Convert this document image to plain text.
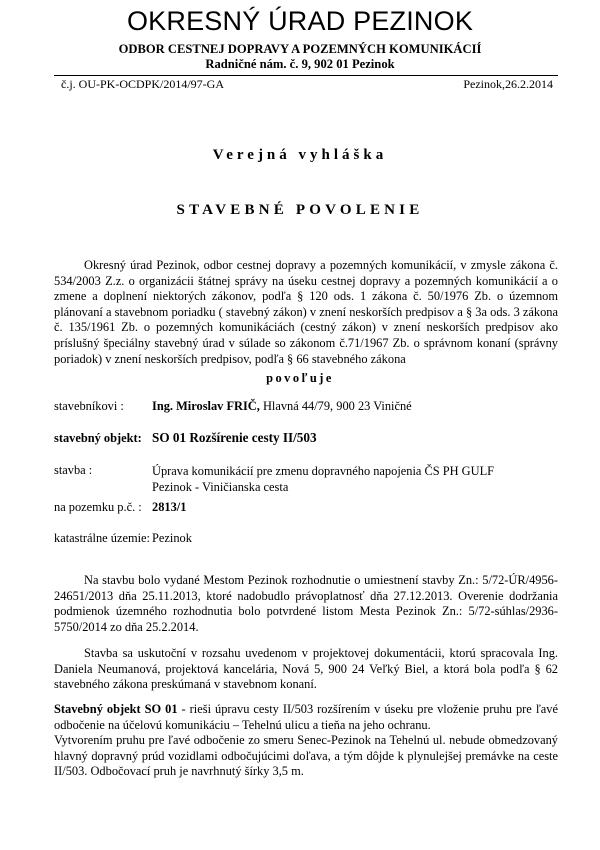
OKRESNÝ ÚRAD PEZINOK
ODBOR CESTNEJ DOPRAVY A POZEMNÝCH KOMUNIKÁCIÍ
Radničné nám. č. 9, 902 01 Pezinok
č.j. OU-PK-OCDPK/2014/97-GA	Pezinok,26.2.2014
Verejná vyhláška
STAVEBNÉ POVOLENIE

Okresný úrad Pezinok, odbor cestnej dopravy a pozemných komunikácií, v zmysle zákona č. 534/2003 Z.z. o organizácii štátnej správy na úseku cestnej dopravy a pozemných komunikácií a o zmene a doplnení niektorých zákonov, podľa § 120 ods. 1 zákona č. 50/1976 Zb. o územnom plánovaní a stavebnom poriadku ( stavebný zákon) v znení neskorších predpisov a § 3a ods. 3 zákona č. 135/1961 Zb. o pozemných komunikáciách (cestný zákon) v znení neskorších predpisov ako príslušný špeciálny stavebný úrad v súlade so zákonom č.71/1967 Zb. o správnom konaní (správny poriadok) v znení neskorších predpisov, podľa § 66 stavebného zákona

povoľuje
stavebníkovi : Ing. Miroslav FRIČ, Hlavná 44/79, 900 23 Viničné
stavebný objekt: SO 01 Rozšírenie cesty II/503
stavba :	Úprava komunikácií pre zmenu dopravného napojenia ČS PH GULF
Pezinok - Viničianska cesta
na pozemku p.č. : 2813/1
katastrálne územie: Pezinok

Na stavbu bolo vydané Mestom Pezinok rozhodnutie o umiestnení stavby Zn.: 5/72-ÚR/4956-24651/2013 dňa 25.11.2013, ktoré nadobudlo právoplatnosť dňa 27.12.2013. Overenie dodržania podmienok územného rozhodnutia bolo potvrdené listom Mesta Pezinok Zn.: 5/72-súhlas/2936-5750/2014 zo dňa 25.2.2014.

Stavba sa uskutoční v rozsahu uvedenom v projektovej dokumentácii, ktorú spracovala Ing. Daniela Neumanová, projektová kancelária, Nová 5, 900 24 Veľký Biel, a ktorá bola podľa § 62 stavebného zákona preskúmaná v stavebnom konaní.

Stavebný objekt SO 01 - rieši úpravu cesty II/503 rozšírením v úseku pre vloženie pruhu pre ľavé odbočenie na účelovú komunikáciu – Tehelnú ulicu a tieňa na jeho ochranu.
Vytvorením pruhu pre ľavé odbočenie zo smeru Senec-Pezinok na Tehelnú ul. nebude obmedzovaný hlavný dopravný prúd vozidlami odbočujúcimi doľava, a tým dôjde k plynulejšej premávke na ceste II/503. Odbočovací pruh je navrhnutý šírky 3,5 m.
